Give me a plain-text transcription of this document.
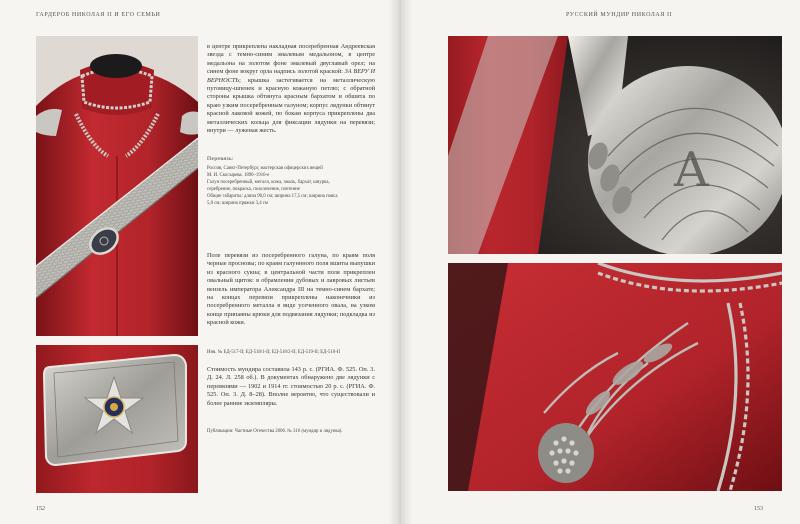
ГАРДЕРОБ НИКОЛАЯ II И ЕГО СЕМЬИ	РУССКИЙ МУНДИР НИКОЛАЯ II
A

в центре прикреплена накладная посеребренная Андреевская звезда с темно-синим эмалевым медальоном, в центре медальона на золотом фоне эмалевый двуглавый орел; на синем фоне вокруг орла надпись золотой краской: ЗА ВЕРУ И ВЕРНОСТЬ; крышка застегивается на металлическую пуговицу-шпенек и красную кожаную петлю; с обратной стороны крышка обтянута красным бархатом и обшита по краю узким посеребренным галуном; корпус лядунки обтянут красной лаковой кожей, по бокам корпуса прикреплены два металлических кольца для фиксации лядунки на перевязи; внутри — луженая жесть.

Перевязь:
Россия, Санкт-Петербург, мастерская офицерских вещей
М. И. Скосырева. 1890–1910-е
Галун посеребренный, металл, кожа, эмаль, бархат, шнурка,
серебрение, покраска, позолочение, плетение
Общие габариты: длина 90,0 см; ширина 17,5 см; ширина пояса
5,0 см; ширина пряжки 3,4 см

Поле перевязи из посеребренного галуна, по краям поля черные просновы; по краям галуннного поля вшиты выпушки из красного сукна; в центральной части поля прикреплен овальный щиток: в обрамлении дубовых и лавровых листьев вензель императора Александра III на темно-синем бархате; на концах перевязи прикреплены наконечники из посеребренного металла в виде усеченного овала, на узком конце припаяны крюки для подвязания лядунки; подкладка из красной кожи.

Инв. № ЕД-517-II; ЕД-518/1-II; ЕД-518/2-II; ЕД-519-II; ЕД-510-II

Стоимость мундира составила 143 р. с. (РГИА. Ф. 525. Оп. 3. Д. 24. Л. 258 об.). В документах обнаружено две лядунки с перевязями — 1902 и 1914 гг. стоимостью 20 р. с. (РГИА. Ф. 525. Оп. 3. Д. 8–28). Вполне вероятно, что существовали и более ранние экземпляры.

Публикации: Частные Отечества 2006. № 316 (мундир и лядунка).
152	153
